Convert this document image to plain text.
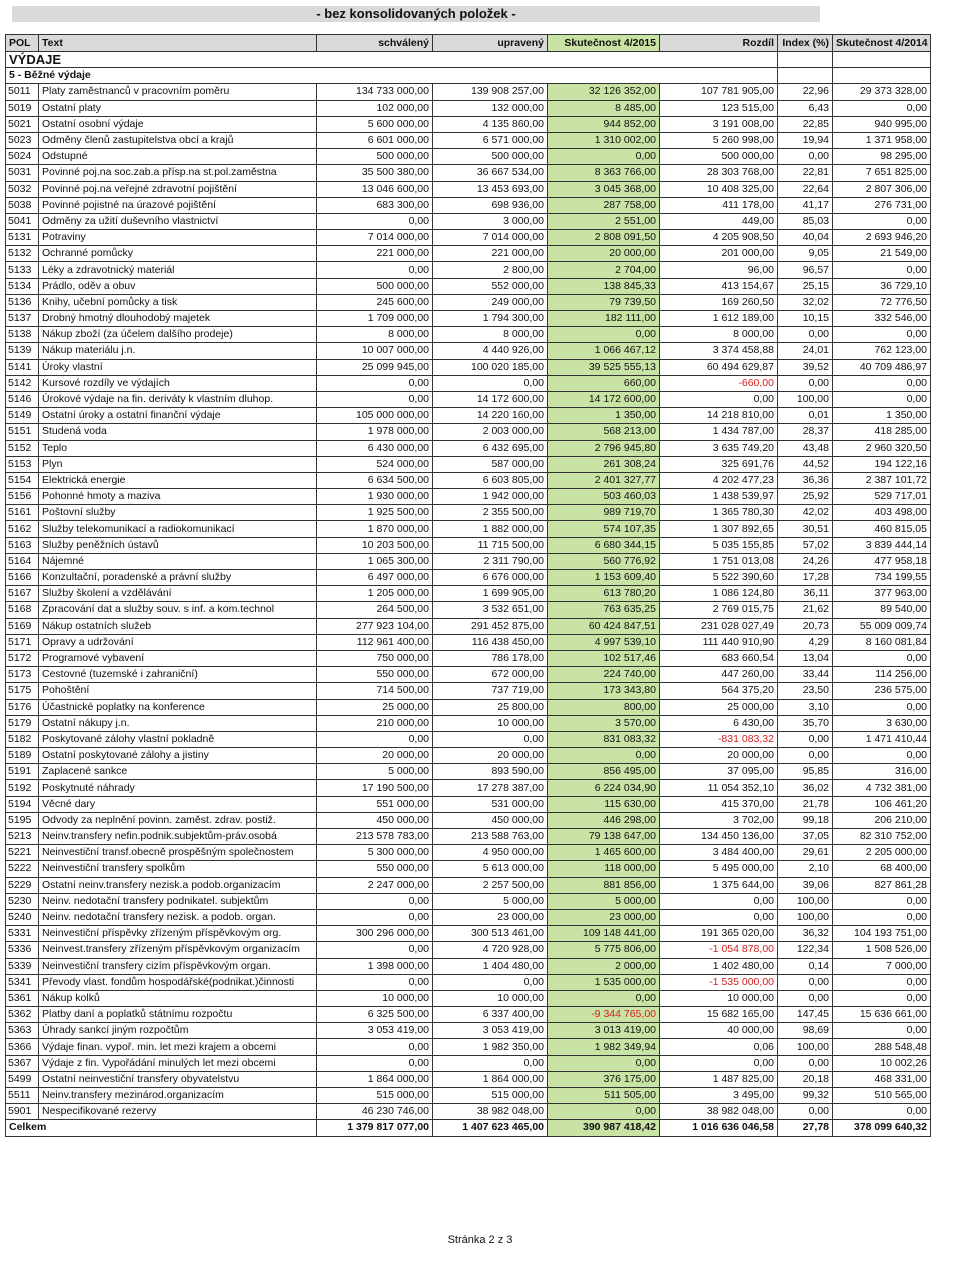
- bez konsolidovaných položek -
POL	Text	schválený	upravený	Skutečnost 4/2015	Rozdíl	Index (%)	Skutečnost 4/2014
VÝDAJE							
5 - Běžné výdaje							
5011	Platy zaměstnanců v pracovním poměru	134 733 000,00	139 908 257,00	32 126 352,00	107 781 905,00	22,96	29 373 328,00
5019	Ostatní platy	102 000,00	132 000,00	8 485,00	123 515,00	6,43	0,00
5021	Ostatní osobní výdaje	5 600 000,00	4 135 860,00	944 852,00	3 191 008,00	22,85	940 995,00
5023	Odměny členů zastupitelstva obcí a krajů	6 601 000,00	6 571 000,00	1 310 002,00	5 260 998,00	19,94	1 371 958,00
5024	Odstupné	500 000,00	500 000,00	0,00	500 000,00	0,00	98 295,00
5031	Povinné poj.na soc.zab.a přísp.na st.pol.zaměstna	35 500 380,00	36 667 534,00	8 363 766,00	28 303 768,00	22,81	7 651 825,00
5032	Povinné poj.na veřejné zdravotní pojištění	13 046 600,00	13 453 693,00	3 045 368,00	10 408 325,00	22,64	2 807 306,00
5038	Povinné pojistné na úrazové pojištění	683 300,00	698 936,00	287 758,00	411 178,00	41,17	276 731,00
5041	Odměny za užití duševního vlastnictví	0,00	3 000,00	2 551,00	449,00	85,03	0,00
5131	Potraviny	7 014 000,00	7 014 000,00	2 808 091,50	4 205 908,50	40,04	2 693 946,20
5132	Ochranné pomůcky	221 000,00	221 000,00	20 000,00	201 000,00	9,05	21 549,00
5133	Léky a zdravotnický materiál	0,00	2 800,00	2 704,00	96,00	96,57	0,00
5134	Prádlo, oděv a obuv	500 000,00	552 000,00	138 845,33	413 154,67	25,15	36 729,10
5136	Knihy, učební pomůcky a tisk	245 600,00	249 000,00	79 739,50	169 260,50	32,02	72 776,50
5137	Drobný hmotný dlouhodobý majetek	1 709 000,00	1 794 300,00	182 111,00	1 612 189,00	10,15	332 546,00
5138	Nákup zboží (za účelem dalšího prodeje)	8 000,00	8 000,00	0,00	8 000,00	0,00	0,00
5139	Nákup materiálu j.n.	10 007 000,00	4 440 926,00	1 066 467,12	3 374 458,88	24,01	762 123,00
5141	Úroky vlastní	25 099 945,00	100 020 185,00	39 525 555,13	60 494 629,87	39,52	40 709 486,97
5142	Kursové rozdíly ve výdajích	0,00	0,00	660,00	-660,00	0,00	0,00
5146	Úrokové výdaje na fin. deriváty k vlastním dluhop.	0,00	14 172 600,00	14 172 600,00	0,00	100,00	0,00
5149	Ostatní úroky a ostatní finanční výdaje	105 000 000,00	14 220 160,00	1 350,00	14 218 810,00	0,01	1 350,00
5151	Studená voda	1 978 000,00	2 003 000,00	568 213,00	1 434 787,00	28,37	418 285,00
5152	Teplo	6 430 000,00	6 432 695,00	2 796 945,80	3 635 749,20	43,48	2 960 320,50
5153	Plyn	524 000,00	587 000,00	261 308,24	325 691,76	44,52	194 122,16
5154	Elektrická energie	6 634 500,00	6 603 805,00	2 401 327,77	4 202 477,23	36,36	2 387 101,72
5156	Pohonné hmoty a maziva	1 930 000,00	1 942 000,00	503 460,03	1 438 539,97	25,92	529 717,01
5161	Poštovní služby	1 925 500,00	2 355 500,00	989 719,70	1 365 780,30	42,02	403 498,00
5162	Služby telekomunikací a radiokomunikací	1 870 000,00	1 882 000,00	574 107,35	1 307 892,65	30,51	460 815,05
5163	Služby peněžních ústavů	10 203 500,00	11 715 500,00	6 680 344,15	5 035 155,85	57,02	3 839 444,14
5164	Nájemné	1 065 300,00	2 311 790,00	560 776,92	1 751 013,08	24,26	477 958,18
5166	Konzultační, poradenské a právní služby	6 497 000,00	6 676 000,00	1 153 609,40	5 522 390,60	17,28	734 199,55
5167	Služby školení a vzdělávání	1 205 000,00	1 699 905,00	613 780,20	1 086 124,80	36,11	377 963,00
5168	Zpracování dat a služby souv. s inf. a kom.technol	264 500,00	3 532 651,00	763 635,25	2 769 015,75	21,62	89 540,00
5169	Nákup ostatních služeb	277 923 104,00	291 452 875,00	60 424 847,51	231 028 027,49	20,73	55 009 009,74
5171	Opravy a udržování	112 961 400,00	116 438 450,00	4 997 539,10	111 440 910,90	4,29	8 160 081,84
5172	Programové vybavení	750 000,00	786 178,00	102 517,46	683 660,54	13,04	0,00
5173	Cestovné (tuzemské i zahraniční)	550 000,00	672 000,00	224 740,00	447 260,00	33,44	114 256,00
5175	Pohoštění	714 500,00	737 719,00	173 343,80	564 375,20	23,50	236 575,00
5176	Účastnické poplatky na konference	25 000,00	25 800,00	800,00	25 000,00	3,10	0,00
5179	Ostatní nákupy j.n.	210 000,00	10 000,00	3 570,00	6 430,00	35,70	3 630,00
5182	Poskytované zálohy vlastní pokladně	0,00	0,00	831 083,32	-831 083,32	0,00	1 471 410,44
5189	Ostatní poskytované zálohy a jistiny	20 000,00	20 000,00	0,00	20 000,00	0,00	0,00
5191	Zaplacené sankce	5 000,00	893 590,00	856 495,00	37 095,00	95,85	316,00
5192	Poskytnuté náhrady	17 190 500,00	17 278 387,00	6 224 034,90	11 054 352,10	36,02	4 732 381,00
5194	Věcné dary	551 000,00	531 000,00	115 630,00	415 370,00	21,78	106 461,20
5195	Odvody za neplnění povinn. zaměst. zdrav. postiž.	450 000,00	450 000,00	446 298,00	3 702,00	99,18	206 210,00
5213	Neinv.transfery nefin.podnik.subjektům-práv.osobá	213 578 783,00	213 588 763,00	79 138 647,00	134 450 136,00	37,05	82 310 752,00
5221	Neinvestiční transf.obecně prospěšným společnostem	5 300 000,00	4 950 000,00	1 465 600,00	3 484 400,00	29,61	2 205 000,00
5222	Neinvestiční transfery spolkům	550 000,00	5 613 000,00	118 000,00	5 495 000,00	2,10	68 400,00
5229	Ostatní neinv.transfery nezisk.a podob.organizacím	2 247 000,00	2 257 500,00	881 856,00	1 375 644,00	39,06	827 861,28
5230	Neinv. nedotační transfery podnikatel. subjektům	0,00	5 000,00	5 000,00	0,00	100,00	0,00
5240	Neinv. nedotační transfery nezisk. a podob. organ.	0,00	23 000,00	23 000,00	0,00	100,00	0,00
5331	Neinvestiční příspěvky zřízeným příspěvkovým org.	300 296 000,00	300 513 461,00	109 148 441,00	191 365 020,00	36,32	104 193 751,00
5336	Neinvest.transfery zřízeným příspěvkovým organizacím	0,00	4 720 928,00	5 775 806,00	-1 054 878,00	122,34	1 508 526,00
5339	Neinvestiční transfery cizím příspěvkovým organ.	1 398 000,00	1 404 480,00	2 000,00	1 402 480,00	0,14	7 000,00
5341	Převody vlast. fondům hospodářské(podnikat.)činnosti	0,00	0,00	1 535 000,00	-1 535 000,00	0,00	0,00
5361	Nákup kolků	10 000,00	10 000,00	0,00	10 000,00	0,00	0,00
5362	Platby daní a poplatků státnímu rozpočtu	6 325 500,00	6 337 400,00	-9 344 765,00	15 682 165,00	147,45	15 636 661,00
5363	Úhrady sankcí jiným rozpočtům	3 053 419,00	3 053 419,00	3 013 419,00	40 000,00	98,69	0,00
5366	Výdaje finan. vypoř. min. let mezi krajem a obcemi	0,00	1 982 350,00	1 982 349,94	0,06	100,00	288 548,48
5367	Výdaje z fin. Vypořádání minulých let mezi obcemi	0,00	0,00	0,00	0,00	0,00	10 002,26
5499	Ostatní neinvestiční transfery obyvatelstvu	1 864 000,00	1 864 000,00	376 175,00	1 487 825,00	20,18	468 331,00
5511	Neinv.transfery mezinárod.organizacím	515 000,00	515 000,00	511 505,00	3 495,00	99,32	510 565,00
5901	Nespecifikované rezervy	46 230 746,00	38 982 048,00	0,00	38 982 048,00	0,00	0,00
Celkem		1 379 817 077,00	1 407 623 465,00	390 987 418,42	1 016 636 046,58	27,78	378 099 640,32
Stránka 2 z 3
